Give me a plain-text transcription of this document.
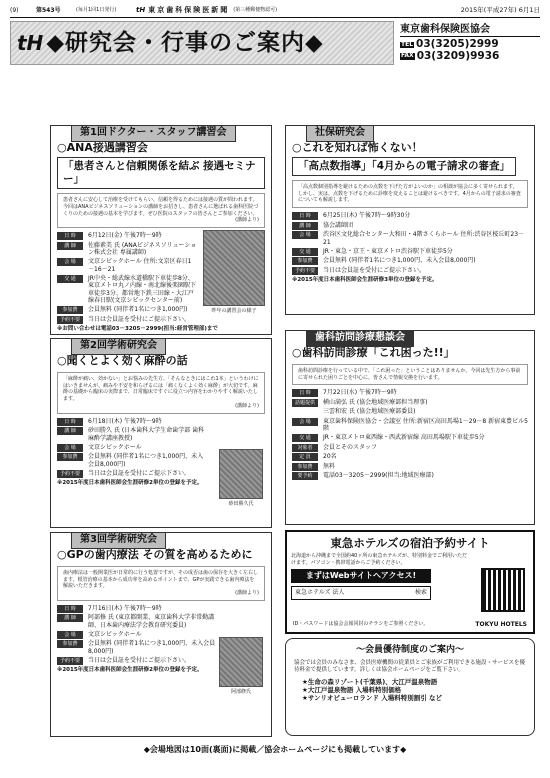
(9)	第543号	(毎月1回1日発行)	tH 東京歯科保険医新聞 (第三種郵便物認可)	2015年(平成27年) 6月1日
tH ◆研究会・行事のご案内◆
東京歯科保険医協会
TEL 03(3205)2999
FAX 03(3209)9936
第1回ドクター・スタッフ講習会
○ANA接遇講習会
「患者さんと信頼関係を結ぶ 接遇セミナー」
患者さんに安心して治療を受けてもらい、信頼を得るためには接遇の質が問われます。今回はANAビジネスソリューションの講師をお招きし、患者さんに選ばれる歯科医院づくりのための接遇の基本を学びます。ぜひ医院のスタッフの皆さんとご参加ください。
(講師より)
日 時	6月12日(金) 午後7時～9時
講 師	佐藤素美 氏 (ANAビジネスソリューション株式会社 専属講師)
会 場	文京シビックホール 住所:文京区春日1－16－21
交 通	JR中央・総武線水道橋駅下車徒歩8分、東京メトロ丸ノ内線・南北線後楽園駅下車徒歩3分、都営地下鉄三田線・大江戸線春日駅(文京シビックセンター前)
参加費	会員無料 (同伴者1名につき1,000円)
予約不要	当日は会員証を受付にご提示下さい。
※お問い合わせは電話03－3205－2999(担当:経営管理部)まで
昨年の講習会の様子
第2回学術研究会
○聞くとよく効く麻酔の話
「麻酔が痛い、効かない」とお悩みの先生方、「そんなときにはこれ1本」というわけにはいきませんが、痛みや不安を和らげるには「痛くなくよく効く麻酔」が大切です。麻酔の基礎から臨床の実際まで、日常臨床ですぐに役立つ内容をわかりやすく解説いたします。
(講師より)
日 時	6月18日(木) 午後7時～9時
講 師	砂田勝久 氏 (日本歯科大学生命歯学部 歯科麻酔学講座教授)
会 場	文京シビックホール
参加費	会員無料 (同伴者1名につき1,000円、未入会員8,000円)
予約不要	当日は会員証を受付にご提示下さい。
※2015年度日本歯科医師会生涯研修2単位の登録を予定。
砂田勝久氏
第3回学術研究会
○GPの歯内療法 その質を高めるために
歯内療法は一般開業医が日常的に行う処置ですが、その成否は歯の保存を大きく左右します。根管治療の基本から成功率を高めるポイントまで、GPが実践できる歯内療法を解説いただきます。
(講師より)
日 時	7月16日(木) 午後7時～9時
講 師	阿部修 氏 (東京都開業、東京歯科大学非常勤講師、日本歯内療法学会教育研究委員)
会 場	文京シビックホール
参加費	会員無料 (同伴者1名につき1,000円、未入会員8,000円)
予約不要	当日は会員証を受付にご提示下さい。
※2015年度日本歯科医師会生涯研修2単位の登録を予定。
阿部修氏
社保研究会
○これを知れば怖くない！
「高点数指導」「4月からの電子請求の審査」
「高点数個別指導を避けるための点数を下げた方がよいのか」の相談が協会に多く寄せられます。しかし、実は、点数を下げるために診療を変えることは避けるべきです。4月からの電子請求の審査についても解説します。
日 時	6月25日(木) 午後7時～9時30分
講 師	協会講師団
会 場	渋谷区文化総合センター大和田・4階さくらホール 住所:渋谷区桜丘町23－21
交 通	JR・東急・京王・東京メトロ渋谷駅下車徒歩5分
参加費	会員無料 (同伴者1名につき1,000円、未入会員8,000円)
予約不要	当日は会員証を受付にご提示下さい。
※2015年度日本歯科医師会生涯研修3単位の登録を予定。
歯科訪問診療懇談会
○歯科訪問診療「これ困った!!」
歯科訪問診療を行っている中で、「これ困った」ということはありませんか。今回は先生方から事前に寄せられた困りごとを中心に、皆さんで情報交換を行います。
日 時	7月22日(水) 午後7時～9時
話題提供	横山満弘 氏 (協会地域医療部担当理事)
三雲和宏 氏 (協会地域医療部委員)
会 場	東京歯科保険医協会・会議室 住所:新宿区高田馬場1－29－8 新宿東豊ビル5階
交 通	JR・東京メトロ東西線・西武新宿線 高田馬場駅下車徒歩5分
対象者	会員とそのスタッフ
定 員	20名
参加費	無料
要予約	電話03－3205－2999(担当:地域医療部)
東急ホテルズの宿泊予約サイト
北海道から沖縄まで全国約40ヶ所の東急ホテルズが、特別料金でご利用いただけます。パソコン・携帯電話からご予約ください。
まずはWebサイトへアクセス!
東急ホテルズ 法人	検索
ID・パスワードは協会会報同封のチラシをご参照ください。	TOKYU HOTELS
～会員優待制度のご案内～
協会では会員のみなさま、会員医療機関の従業員とご家族がご利用できる施設・サービスを優待料金で提供しています。詳しくは協会ホームページをご覧下さい。
★生命の森リゾート(千葉県)、大江戸温泉物語
★大江戸温泉物語 入場料特別価格
★サンリオピューロランド 入場料特別割引 など
◆会場地図は10面(裏面)に掲載／協会ホームページにも掲載しています◆
